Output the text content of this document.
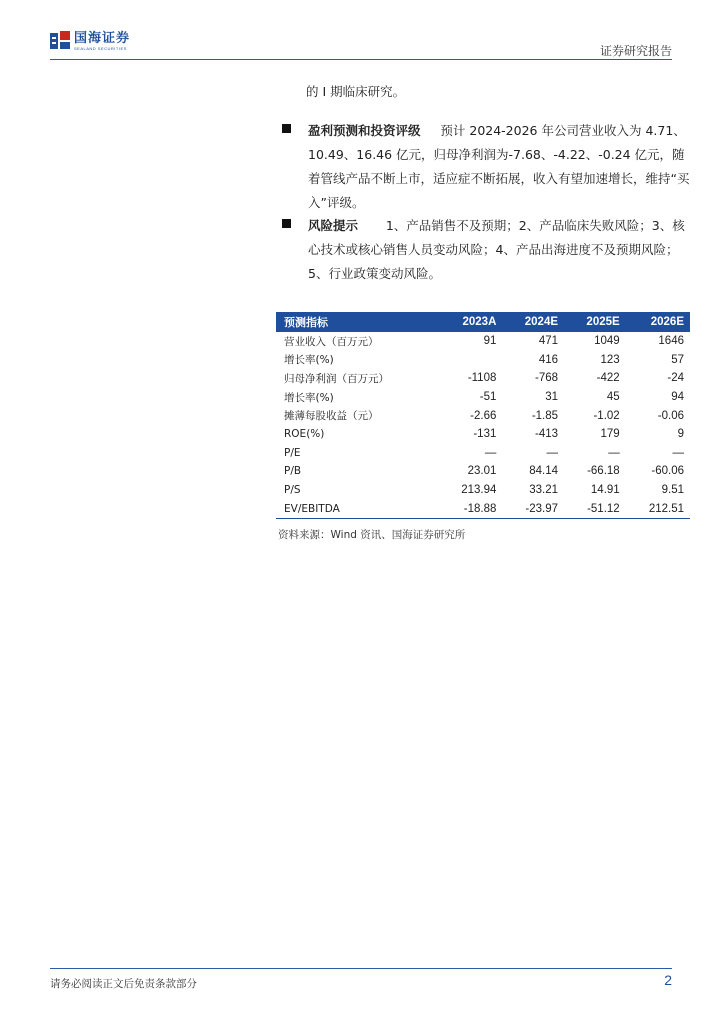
国海证券
SEALAND SECURITIES	证券研究报告
的 I 期临床研究。
盈利预测和投资评级 预计 2024-2026 年公司营业收入为 4.71、10.49、16.46 亿元，归母净利润为-7.68、-4.22、-0.24 亿元，随着管线产品不断上市，适应症不断拓展，收入有望加速增长，维持“买入”评级。
风险提示 1、产品销售不及预期；2、产品临床失败风险；3、核心技术或核心销售人员变动风险；4、产品出海进度不及预期风险；5、行业政策变动风险。
预测指标	2023A	2024E	2025E	2026E
营业收入（百万元）	91	471	1049	1646
增长率(%)		416	123	57
归母净利润（百万元）	-1108	-768	-422	-24
增长率(%)	-51	31	45	94
摊薄每股收益（元）	-2.66	-1.85	-1.02	-0.06
ROE(%)	-131	-413	179	9
P/E	—	—	—	—
P/B	23.01	84.14	-66.18	-60.06
P/S	213.94	33.21	14.91	9.51
EV/EBITDA	-18.88	-23.97	-51.12	212.51
资料来源：Wind 资讯、国海证券研究所
请务必阅读正文后免责条款部分	2
